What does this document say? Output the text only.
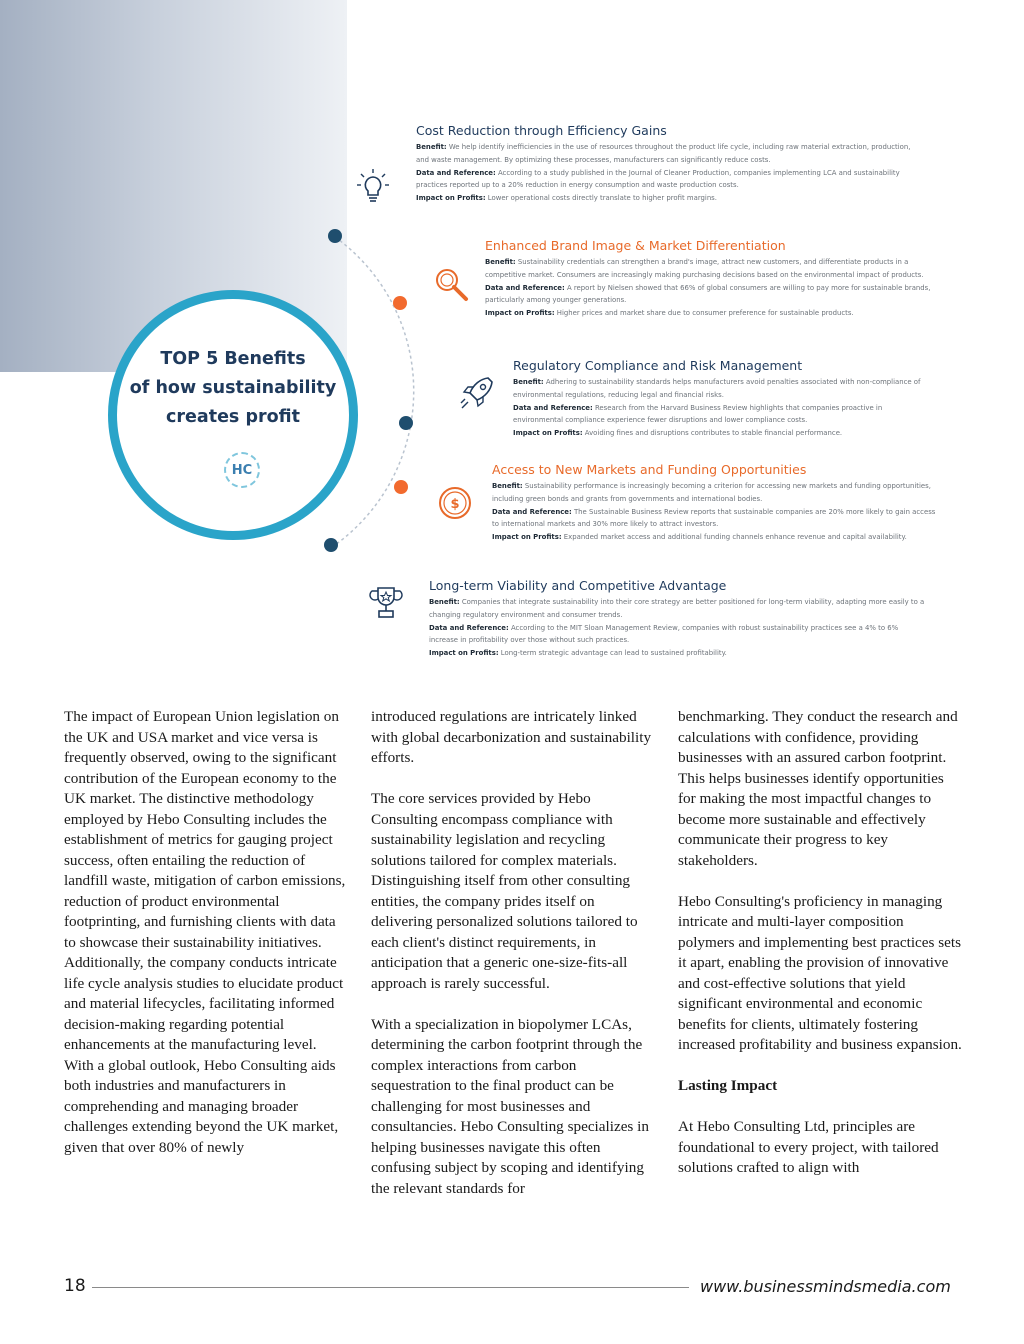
TOP 5 Benefits
of how sustainability
creates profit
HC
$
Cost Reduction through Efficiency Gains
Benefit: We help identify inefficiencies in the use of resources throughout the product life cycle, including raw material extraction, production, and waste management. By optimizing these processes, manufacturers can significantly reduce costs.
Data and Reference: According to a study published in the Journal of Cleaner Production, companies implementing LCA and sustainability practices reported up to a 20% reduction in energy consumption and waste production costs.
Impact on Profits: Lower operational costs directly translate to higher profit margins.
Enhanced Brand Image & Market Differentiation
Benefit: Sustainability credentials can strengthen a brand's image, attract new customers, and differentiate products in a competitive market. Consumers are increasingly making purchasing decisions based on the environmental impact of products.
Data and Reference: A report by Nielsen showed that 66% of global consumers are willing to pay more for sustainable brands, particularly among younger generations.
Impact on Profits: Higher prices and market share due to consumer preference for sustainable products.
Regulatory Compliance and Risk Management
Benefit: Adhering to sustainability standards helps manufacturers avoid penalties associated with non-compliance of environmental regulations, reducing legal and financial risks.
Data and Reference: Research from the Harvard Business Review highlights that companies proactive in environmental compliance experience fewer disruptions and lower compliance costs.
Impact on Profits: Avoiding fines and disruptions contributes to stable financial performance.
Access to New Markets and Funding Opportunities
Benefit: Sustainability performance is increasingly becoming a criterion for accessing new markets and funding opportunities, including green bonds and grants from governments and international bodies.
Data and Reference: The Sustainable Business Review reports that sustainable companies are 20% more likely to gain access to international markets and 30% more likely to attract investors.
Impact on Profits: Expanded market access and additional funding channels enhance revenue and capital availability.
Long-term Viability and Competitive Advantage
Benefit: Companies that integrate sustainability into their core strategy are better positioned for long-term viability, adapting more easily to a changing regulatory environment and consumer trends.
Data and Reference: According to the MIT Sloan Management Review, companies with robust sustainability practices see a 4% to 6% increase in profitability over those without such practices.
Impact on Profits: Long-term strategic advantage can lead to sustained profitability.

The impact of European Union legislation on the UK and USA market and vice versa is frequently observed, owing to the significant contribution of the European economy to the UK market. The distinctive methodology employed by Hebo Consulting includes the establishment of metrics for gauging project success, often entailing the reduction of landfill waste, mitigation of carbon emissions, reduction of product environmental footprinting, and furnishing clients with data to showcase their sustainability initiatives. Additionally, the company conducts intricate life cycle analysis studies to elucidate product and material lifecycles, facilitating informed decision-making regarding potential enhancements at the manufacturing level. With a global outlook, Hebo Consulting aids both industries and manufacturers in comprehending and managing broader challenges extending beyond the UK market, given that over 80% of newly

introduced regulations are intricately linked with global decarbonization and sustainability efforts.

The core services provided by Hebo Consulting encompass compliance with sustainability legislation and recycling solutions tailored for complex materials. Distinguishing itself from other consulting entities, the company prides itself on delivering personalized solutions tailored to each client's distinct requirements, in anticipation that a generic one-size-fits-all approach is rarely successful.

With a specialization in biopolymer LCAs, determining the carbon footprint through the complex interactions from carbon sequestration to the final product can be challenging for most businesses and consultancies. Hebo Consulting specializes in helping businesses navigate this often confusing subject by scoping and identifying the relevant standards for

benchmarking. They conduct the research and calculations with confidence, providing businesses with an assured carbon footprint. This helps businesses identify opportunities for making the most impactful changes to become more sustainable and effectively communicate their progress to key stakeholders.

Hebo Consulting's proficiency in managing intricate and multi-layer composition polymers and implementing best practices sets it apart, enabling the provision of innovative and cost-effective solutions that yield significant environmental and economic benefits for clients, ultimately fostering increased profitability and business expansion.

Lasting Impact

At Hebo Consulting Ltd, principles are foundational to every project, with tailored solutions crafted to align with

18	www.businessmindsmedia.com
